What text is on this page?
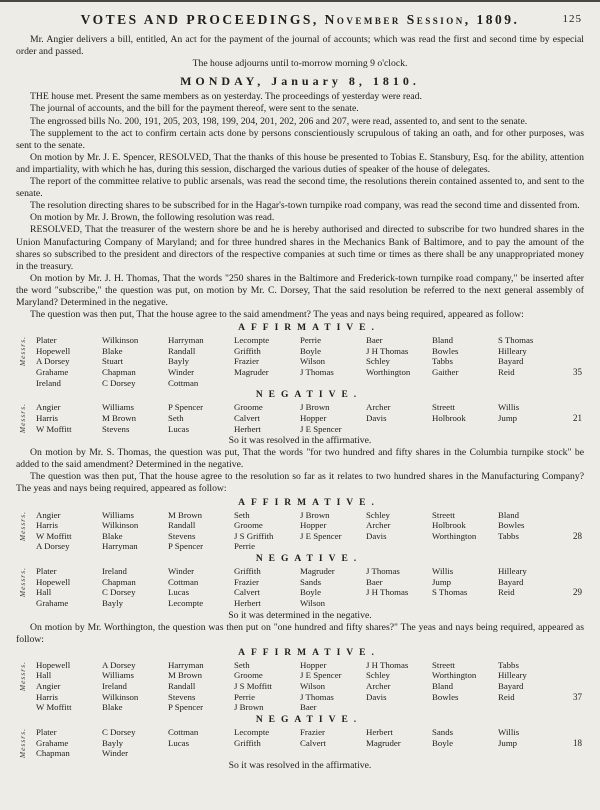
VOTES AND PROCEEDINGS, November Session, 1809.	125
Mr. Angier delivers a bill, entitled, An act for the payment of the journal of accounts; which was read the first and second time by especial order and passed.
The house adjourns until to-morrow morning 9 o'clock.
MONDAY, January 8, 1810.
THE house met. Present the same members as on yesterday. The proceedings of yesterday were read.
The journal of accounts, and the bill for the payment thereof, were sent to the senate.
The engrossed bills No. 200, 191, 205, 203, 198, 199, 204, 201, 202, 206 and 207, were read, assented to, and sent to the senate.
The supplement to the act to confirm certain acts done by persons conscientiously scrupulous of taking an oath, and for other purposes, was sent to the senate.
On motion by Mr. J. E. Spencer, RESOLVED, That the thanks of this house be presented to Tobias E. Stansbury, Esq. for the ability, attention and impartiality, with which he has, during this session, discharged the various duties of speaker of the house of delegates.
The report of the committee relative to public arsenals, was read the second time, the resolutions therein contained assented to, and sent to the senate.
The resolution directing shares to be subscribed for in the Hagar's-town turnpike road company, was read the second time and dissented from.
On motion by Mr. J. Brown, the following resolution was read.
RESOLVED, That the treasurer of the western shore be and he is hereby authorised and directed to subscribe for two hundred shares in the Union Manufacturing Company of Maryland; and for three hundred shares in the Mechanics Bank of Baltimore, and to pay the amount of the shares so subscribed to the president and directors of the respective companies at such time or times as there shall be any unappropriated money in the treasury.
On motion by Mr. J. H. Thomas, That the words "250 shares in the Baltimore and Frederick-town turnpike road company," be inserted after the word "subscribe," the question was put, on motion by Mr. C. Dorsey, That the said resolution be referred to the next general assembly of Maryland? Determined in the negative.
The question was then put, That the house agree to the said amendment? The yeas and nays being required, appeared as follow:
AFFIRMATIVE.
Messrs. Plater	Wilkinson	Harryman	Lecompte	Perrie	Baer	Bland	S Thomas
Hopewell	Blake	Randall	Griffith	Boyle	J H Thomas	Bowles	Hilleary
A Dorsey	Stuart	Bayly	Frazier	Wilson	Schley	Tabbs	Bayard
Grahame	Chapman	Winder	Magruder	J Thomas	Worthington	Gaither	Reid	35
Ireland	C Dorsey	Cottman
NEGATIVE.
Messrs. Angier	Williams	P Spencer	Groome	J Brown	Archer	Streett	Willis
Harris	M Brown	Seth	Calvert	Hopper	Davis	Holbrook	Jump	21
W Moffitt	Stevens	Lucas	Herbert	J E Spencer
So it was resolved in the affirmative.
On motion by Mr. S. Thomas, the question was put, That the words "for two hundred and fifty shares in the Columbia turnpike stock" be added to the said amendment? Determined in the negative.
The question was then put, That the house agree to the resolution so far as it relates to two hundred shares in the Manufacturing Company? The yeas and nays being required, appeared as follow:
AFFIRMATIVE.
Messrs. Angier	Williams	M Brown	Seth	J Brown	Schley	Streett	Bland
Harris	Wilkinson	Randall	Groome	Hopper	Archer	Holbrook	Bowles
W Moffitt	Blake	Stevens	J S Griffith	J E Spencer	Davis	Worthington	Tabbs	28
A Dorsey	Harryman	P Spencer	Perrie
NEGATIVE.
Messrs. Plater	Ireland	Winder	Griffith	Magruder	J Thomas	Willis	Hilleary
Hopewell	Chapman	Cottman	Frazier	Sands	Baer	Jump	Bayard
Hall	C Dorsey	Lucas	Calvert	Boyle	J H Thomas	S Thomas	Reid	29
Grahame	Bayly	Lecompte	Herbert	Wilson
So it was determined in the negative.
On motion by Mr. Worthington, the question was then put on "one hundred and fifty shares?" The yeas and nays being required, appeared as follow:
AFFIRMATIVE.
Messrs. Hopewell	A Dorsey	Harryman	Seth	Hopper	J H Thomas	Streett	Tabbs
Hall	Williams	M Brown	Groome	J E Spencer	Schley	Worthington	Hilleary
Angier	Ireland	Randall	J S Moffitt	Wilson	Archer	Bland	Bayard
Harris	Wilkinson	Stevens	Perrie	J Thomas	Davis	Bowles	Reid	37
W Moffitt	Blake	P Spencer	J Brown	Baer
NEGATIVE.
Messrs. Plater	C Dorsey	Cottman	Lecompte	Frazier	Herbert	Sands	Willis
Grahame	Bayly	Lucas	Griffith	Calvert	Magruder	Boyle	Jump	18
Chapman	Winder
So it was resolved in the affirmative.
